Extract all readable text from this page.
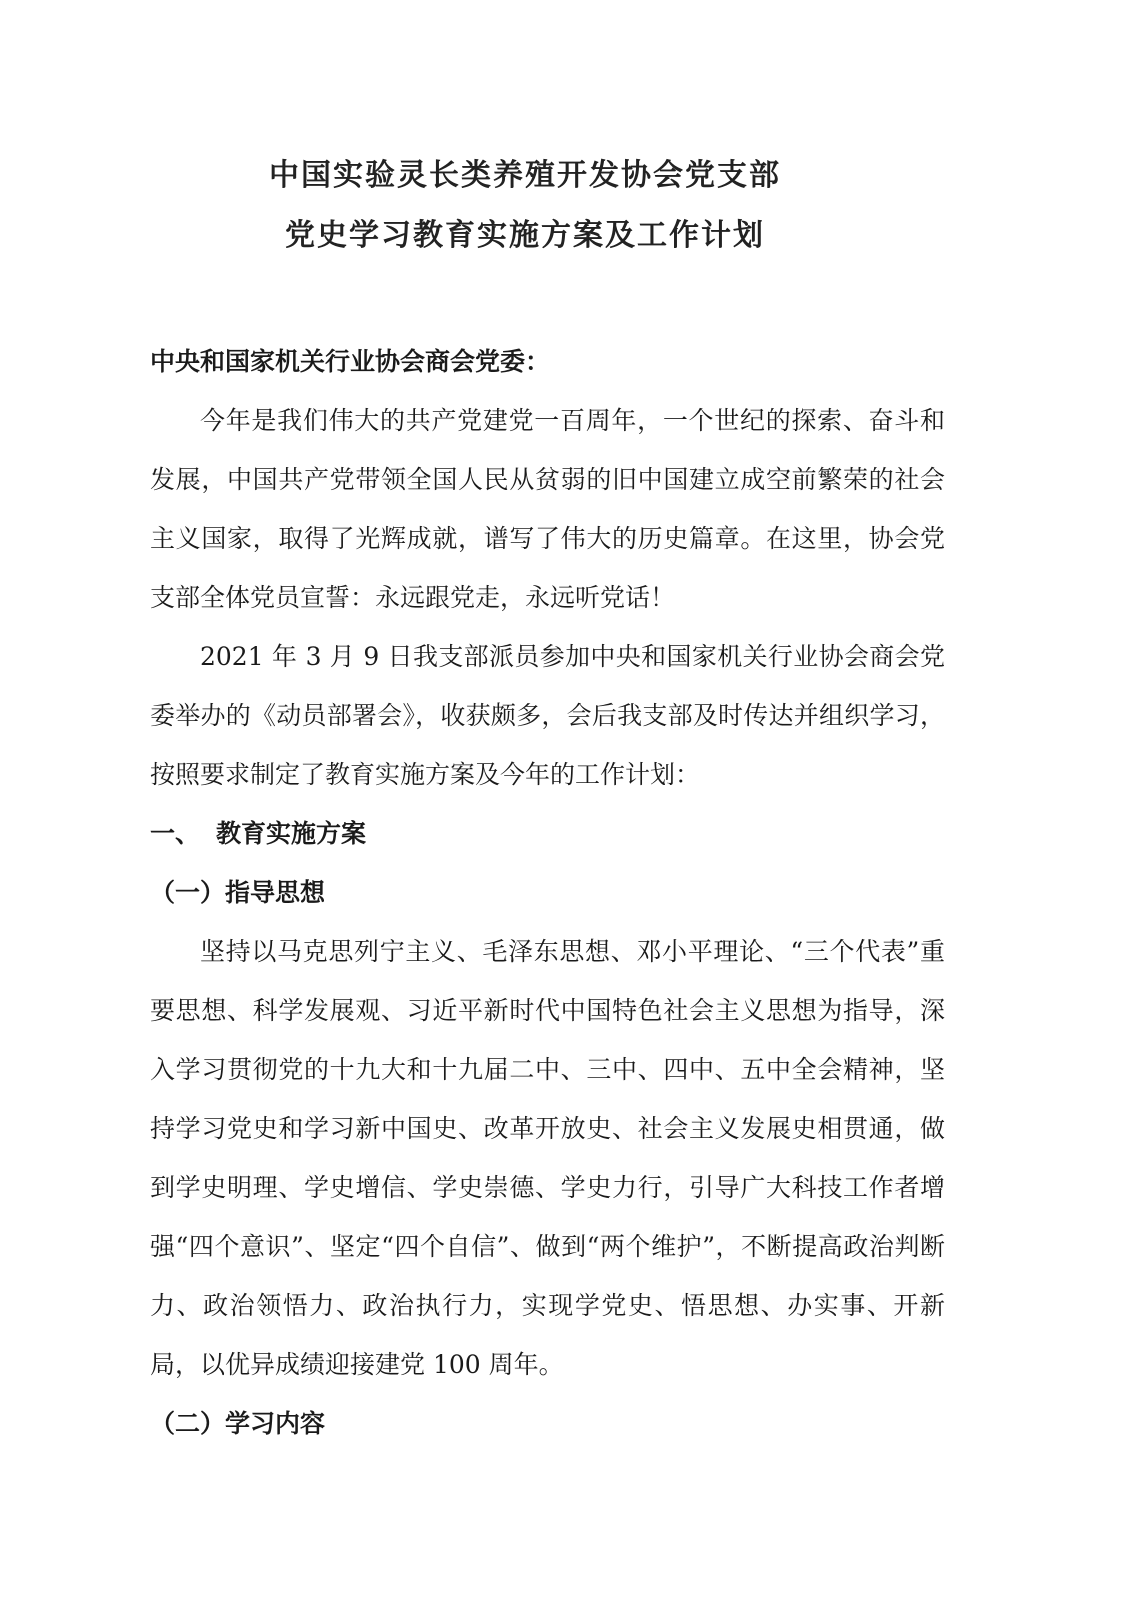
中国实验灵长类养殖开发协会党支部
党史学习教育实施方案及工作计划

中央和国家机关行业协会商会党委：

今年是我们伟大的共产党建党一百周年，一个世纪的探索、奋斗和发展，中国共产党带领全国人民从贫弱的旧中国建立成空前繁荣的社会主义国家，取得了光辉成就，谱写了伟大的历史篇章。在这里，协会党支部全体党员宣誓：永远跟党走，永远听党话！

2021 年 3 月 9 日我支部派员参加中央和国家机关行业协会商会党委举办的《动员部署会》，收获颇多，会后我支部及时传达并组织学习，按照要求制定了教育实施方案及今年的工作计划：

一、 教育实施方案

（一）指导思想

坚持以马克思列宁主义、毛泽东思想、邓小平理论、“三个代表”重要思想、科学发展观、习近平新时代中国特色社会主义思想为指导，深入学习贯彻党的十九大和十九届二中、三中、四中、五中全会精神，坚持学习党史和学习新中国史、改革开放史、社会主义发展史相贯通，做到学史明理、学史增信、学史崇德、学史力行，引导广大科技工作者增强“四个意识”、坚定“四个自信”、做到“两个维护”，不断提高政治判断力、政治领悟力、政治执行力，实现学党史、悟思想、办实事、开新局，以优异成绩迎接建党 100 周年。

（二）学习内容
